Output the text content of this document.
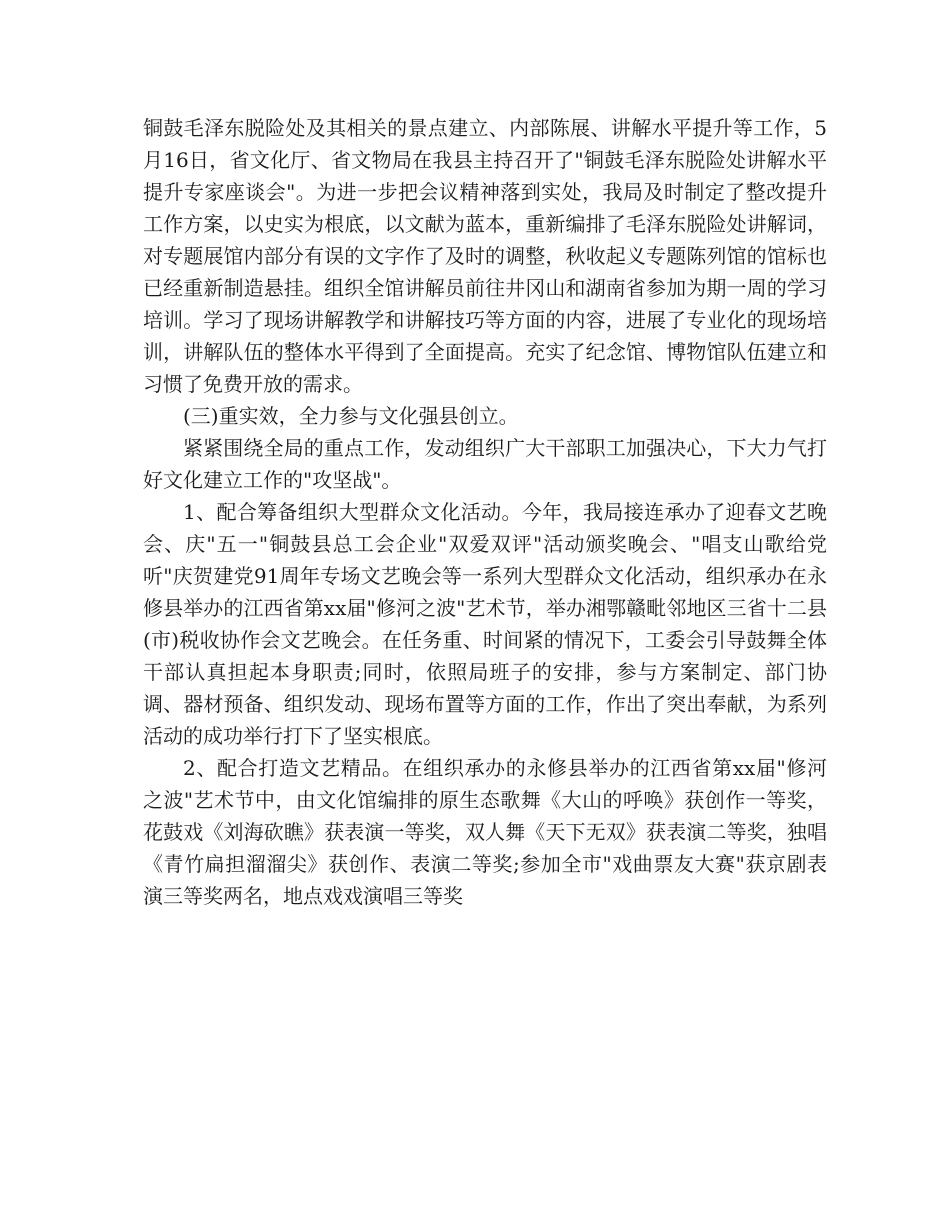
铜鼓毛泽东脱险处及其相关的景点建立、内部陈展、讲解水平提升等工作，5月16日，省文化厅、省文物局在我县主持召开了"铜鼓毛泽东脱险处讲解水平提升专家座谈会"。为进一步把会议精神落到实处，我局及时制定了整改提升工作方案，以史实为根底，以文献为蓝本，重新编排了毛泽东脱险处讲解词，对专题展馆内部分有误的文字作了及时的调整，秋收起义专题陈列馆的馆标也已经重新制造悬挂。组织全馆讲解员前往井冈山和湖南省参加为期一周的学习培训。学习了现场讲解教学和讲解技巧等方面的内容，进展了专业化的现场培训，讲解队伍的整体水平得到了全面提高。充实了纪念馆、博物馆队伍建立和习惯了免费开放的需求。

(三)重实效，全力参与文化强县创立。

紧紧围绕全局的重点工作，发动组织广大干部职工加强决心，下大力气打好文化建立工作的"攻坚战"。

1、配合筹备组织大型群众文化活动。今年，我局接连承办了迎春文艺晚会、庆"五一"铜鼓县总工会企业"双爱双评"活动颁奖晚会、"唱支山歌给党听"庆贺建党91周年专场文艺晚会等一系列大型群众文化活动，组织承办在永修县举办的江西省第xx届"修河之波"艺术节，举办湘鄂赣毗邻地区三省十二县(市)税收协作会文艺晚会。在任务重、时间紧的情况下，工委会引导鼓舞全体干部认真担起本身职责;同时，依照局班子的安排，参与方案制定、部门协调、器材预备、组织发动、现场布置等方面的工作，作出了突出奉献，为系列活动的成功举行打下了坚实根底。

2、配合打造文艺精品。在组织承办的永修县举办的江西省第xx届"修河之波"艺术节中，由文化馆编排的原生态歌舞《大山的呼唤》获创作一等奖，花鼓戏《刘海砍瞧》获表演一等奖，双人舞《天下无双》获表演二等奖，独唱《青竹扁担溜溜尖》获创作、表演二等奖;参加全市"戏曲票友大赛"获京剧表演三等奖两名，地点戏戏演唱三等奖
